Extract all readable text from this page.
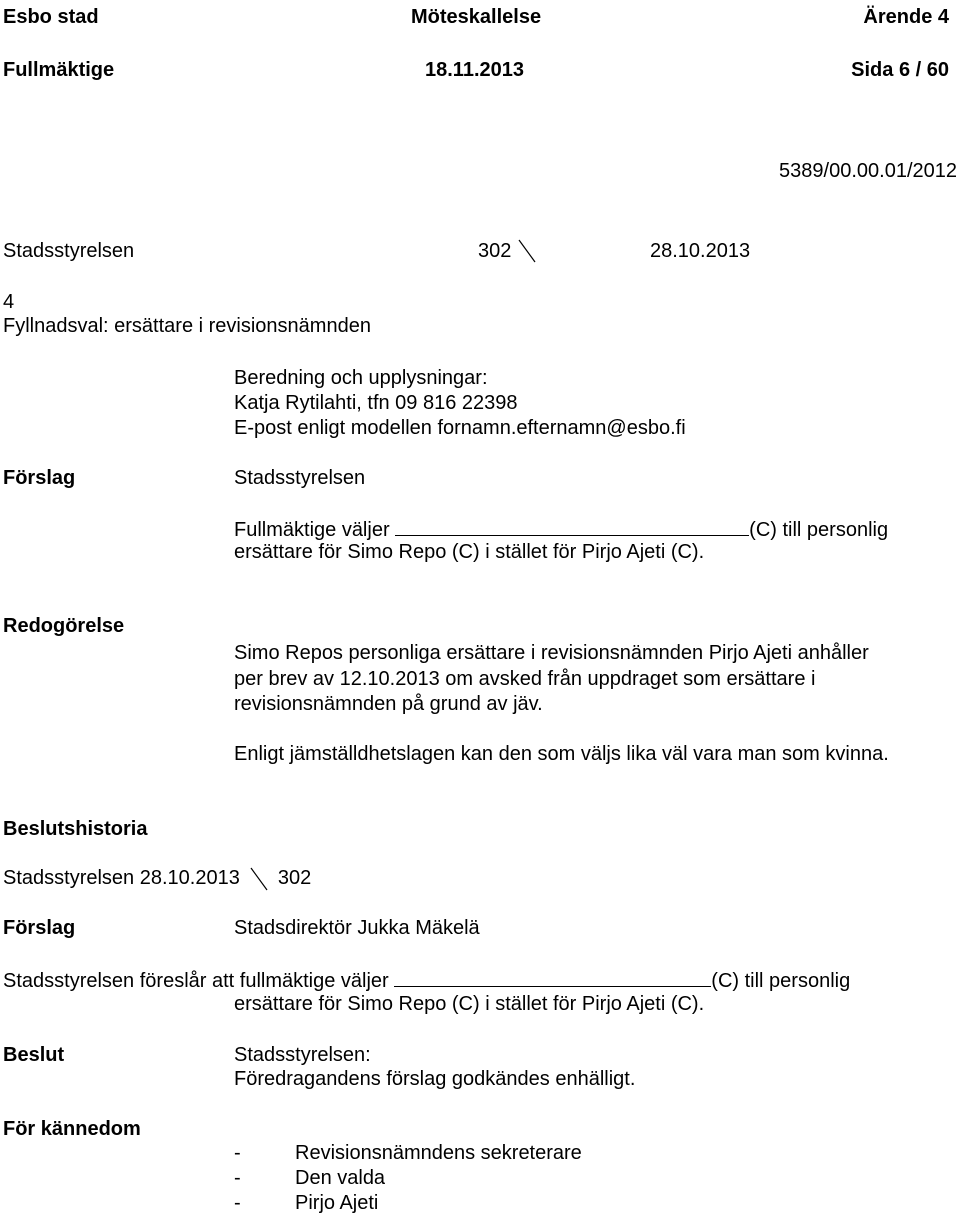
Esbo stad	Möteskallelse	Ärende 4
Fullmäktige	18.11.2013	Sida 6 / 60
5389/00.00.01/2012
Stadsstyrelsen	302	28.10.2013
4
Fyllnadsval: ersättare i revisionsnämnden
Beredning och upplysningar:
Katja Rytilahti, tfn 09 816 22398
E-post enligt modellen fornamn.efternamn@esbo.fi
Förslag	Stadsstyrelsen
Fullmäktige väljer	(C) till personlig
ersättare för Simo Repo (C) i stället för Pirjo Ajeti (C).
Redogörelse
Simo Repos personliga ersättare i revisionsnämnden Pirjo Ajeti anhåller
per brev av 12.10.2013 om avsked från uppdraget som ersättare i
revisionsnämnden på grund av jäv.
Enligt jämställdhetslagen kan den som väljs lika väl vara man som kvinna.
Beslutshistoria
Stadsstyrelsen 28.10.2013 302
Förslag	Stadsdirektör Jukka Mäkelä
Stadsstyrelsen föreslår att fullmäktige väljer	(C) till personlig
ersättare för Simo Repo (C) i stället för Pirjo Ajeti (C).
Beslut	Stadsstyrelsen:
Föredragandens förslag godkändes enhälligt.
För kännedom
-	Revisionsnämndens sekreterare
-	Den valda
-	Pirjo Ajeti
